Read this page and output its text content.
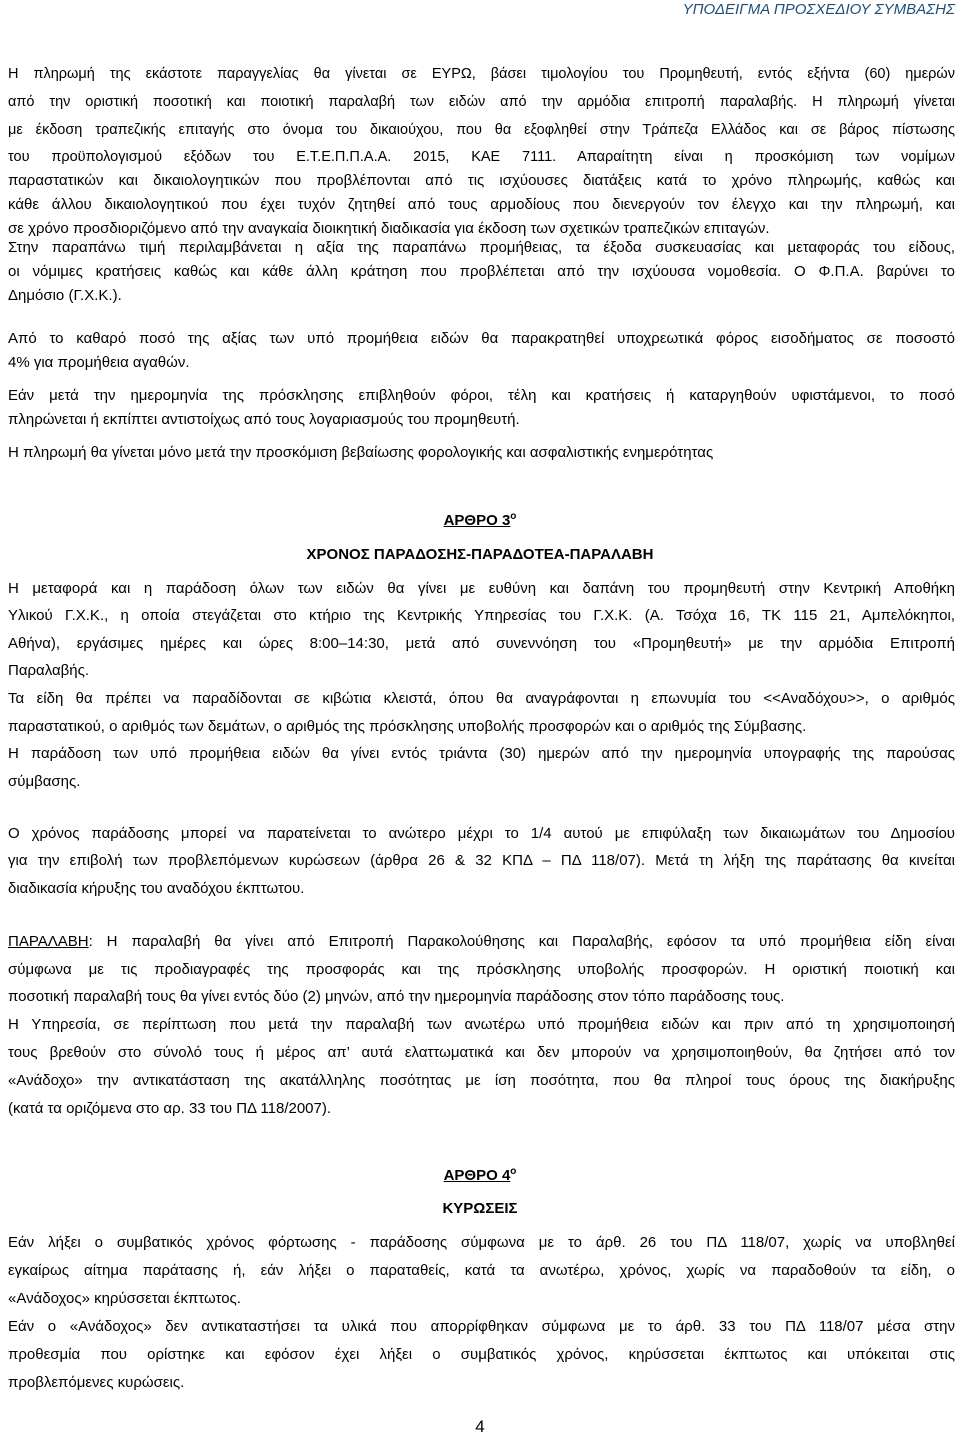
ΥΠΟΔΕΙΓΜΑ ΠΡΟΣΧΕΔΙΟΥ ΣΥΜΒΑΣΗΣ
Η πληρωμή της εκάστοτε παραγγελίας θα γίνεται σε ΕΥΡΩ, βάσει τιμολογίου του Προμηθευτή, εντός εξήντα (60) ημερών
από την οριστική ποσοτική και ποιοτική παραλαβή των ειδών από την αρμόδια επιτροπή παραλαβής. Η πληρωμή γίνεται
με έκδοση τραπεζικής επιταγής στο όνομα του δικαιούχου, που θα εξοφληθεί στην Τράπεζα Ελλάδος και σε βάρος πίστωσης
του προϋπολογισμού εξόδων του Ε.Τ.Ε.Π.Π.Α.Α. 2015, ΚΑΕ 7111. Απαραίτητη είναι η προσκόμιση των νομίμων
παραστατικών και δικαιολογητικών που προβλέπονται από τις ισχύουσες διατάξεις κατά το χρόνο πληρωμής, καθώς και
κάθε άλλου δικαιολογητικού που έχει τυχόν ζητηθεί από τους αρμοδίους που διενεργούν τον έλεγχο και την πληρωμή, και
σε χρόνο προσδιοριζόμενο από την αναγκαία διοικητική διαδικασία για έκδοση των σχετικών τραπεζικών επιταγών.
Στην παραπάνω τιμή περιλαμβάνεται η αξία της παραπάνω προμήθειας, τα έξοδα συσκευασίας και μεταφοράς του είδους,
οι νόμιμες κρατήσεις καθώς και κάθε άλλη κράτηση που προβλέπεται από την ισχύουσα νομοθεσία. Ο Φ.Π.Α. βαρύνει το
Δημόσιο (Γ.Χ.Κ.).
Από το καθαρό ποσό της αξίας των υπό προμήθεια ειδών θα παρακρατηθεί υποχρεωτικά φόρος εισοδήματος σε ποσοστό
4% για προμήθεια αγαθών.
Εάν μετά την ημερομηνία της πρόσκλησης επιβληθούν φόροι, τέλη και κρατήσεις ή καταργηθούν υφιστάμενοι, το ποσό
πληρώνεται ή εκπίπτει αντιστοίχως από τους λογαριασμούς του προμηθευτή.
Η πληρωμή θα γίνεται μόνο μετά την προσκόμιση βεβαίωσης φορολογικής και ασφαλιστικής ενημερότητας
ΑΡΘΡΟ $3^o$
ΧΡΟΝΟΣ ΠΑΡΑΔΟΣΗΣ-ΠΑΡΑΔΟΤΕΑ-ΠΑΡΑΛΑΒΗ
Η μεταφορά και η παράδοση όλων των ειδών θα γίνει με ευθύνη και δαπάνη του προμηθευτή στην Κεντρική Αποθήκη
Υλικού Γ.Χ.Κ., η οποία στεγάζεται στο κτήριο της Κεντρικής Υπηρεσίας του Γ.Χ.Κ. (Α. Τσόχα 16, ΤΚ 115 21, Αμπελόκηποι,
Αθήνα), εργάσιμες ημέρες και ώρες 8:00–14:30, μετά από συνεννόηση του «Προμηθευτή» με την αρμόδια Επιτροπή
Παραλαβής.
Τα είδη θα πρέπει να παραδίδονται σε κιβώτια κλειστά, όπου θα αναγράφονται η επωνυμία του <<Αναδόχου>>, ο αριθμός
παραστατικού, ο αριθμός των δεμάτων, ο αριθμός της πρόσκλησης υποβολής προσφορών και ο αριθμός της Σύμβασης.
Η παράδοση των υπό προμήθεια ειδών θα γίνει εντός τριάντα (30) ημερών από την ημερομηνία υπογραφής της παρούσας
σύμβασης.
Ο χρόνος παράδοσης μπορεί να παρατείνεται το ανώτερο μέχρι το 1/4 αυτού με επιφύλαξη των δικαιωμάτων του Δημοσίου
για την επιβολή των προβλεπόμενων κυρώσεων (άρθρα 26 & 32 ΚΠΔ – ΠΔ 118/07). Μετά τη λήξη της παράτασης θα κινείται
διαδικασία κήρυξης του αναδόχου έκπτωτου.
ΠΑΡΑΛΑΒΗ: Η παραλαβή θα γίνει από Επιτροπή Παρακολούθησης και Παραλαβής, εφόσον τα υπό προμήθεια είδη είναι
σύμφωνα με τις προδιαγραφές της προσφοράς και της πρόσκλησης υποβολής προσφορών. Η οριστική ποιοτική και
ποσοτική παραλαβή τους θα γίνει εντός δύο (2) μηνών, από την ημερομηνία παράδοσης στον τόπο παράδοσης τους.
Η Υπηρεσία, σε περίπτωση που μετά την παραλαβή των ανωτέρω υπό προμήθεια ειδών και πριν από τη χρησιμοποιησή
τους βρεθούν στο σύνολό τους ή μέρος απ’ αυτά ελαττωματικά και δεν μπορούν να χρησιμοποιηθούν, θα ζητήσει από τον
«Ανάδοχο» την αντικατάσταση της ακατάλληλης ποσότητας με ίση ποσότητα, που θα πληροί τους όρους της διακήρυξης
(κατά τα οριζόμενα στο αρ. 33 του ΠΔ 118/2007).
ΑΡΘΡΟ $4^o$
ΚΥΡΩΣΕΙΣ
Εάν λήξει ο συμβατικός χρόνος φόρτωσης - παράδοσης σύμφωνα με το άρθ. 26 του ΠΔ 118/07, χωρίς να υποβληθεί
εγκαίρως αίτημα παράτασης ή, εάν λήξει ο παραταθείς, κατά τα ανωτέρω, χρόνος, χωρίς να παραδοθούν τα είδη, ο
«Ανάδοχος» κηρύσσεται έκπτωτος.
Εάν ο «Ανάδοχος» δεν αντικαταστήσει τα υλικά που απορρίφθηκαν σύμφωνα με το άρθ. 33 του ΠΔ 118/07 μέσα στην
προθεσμία που ορίστηκε και εφόσον έχει λήξει ο συμβατικός χρόνος, κηρύσσεται έκπτωτος και υπόκειται στις
προβλεπόμενες κυρώσεις.
4
